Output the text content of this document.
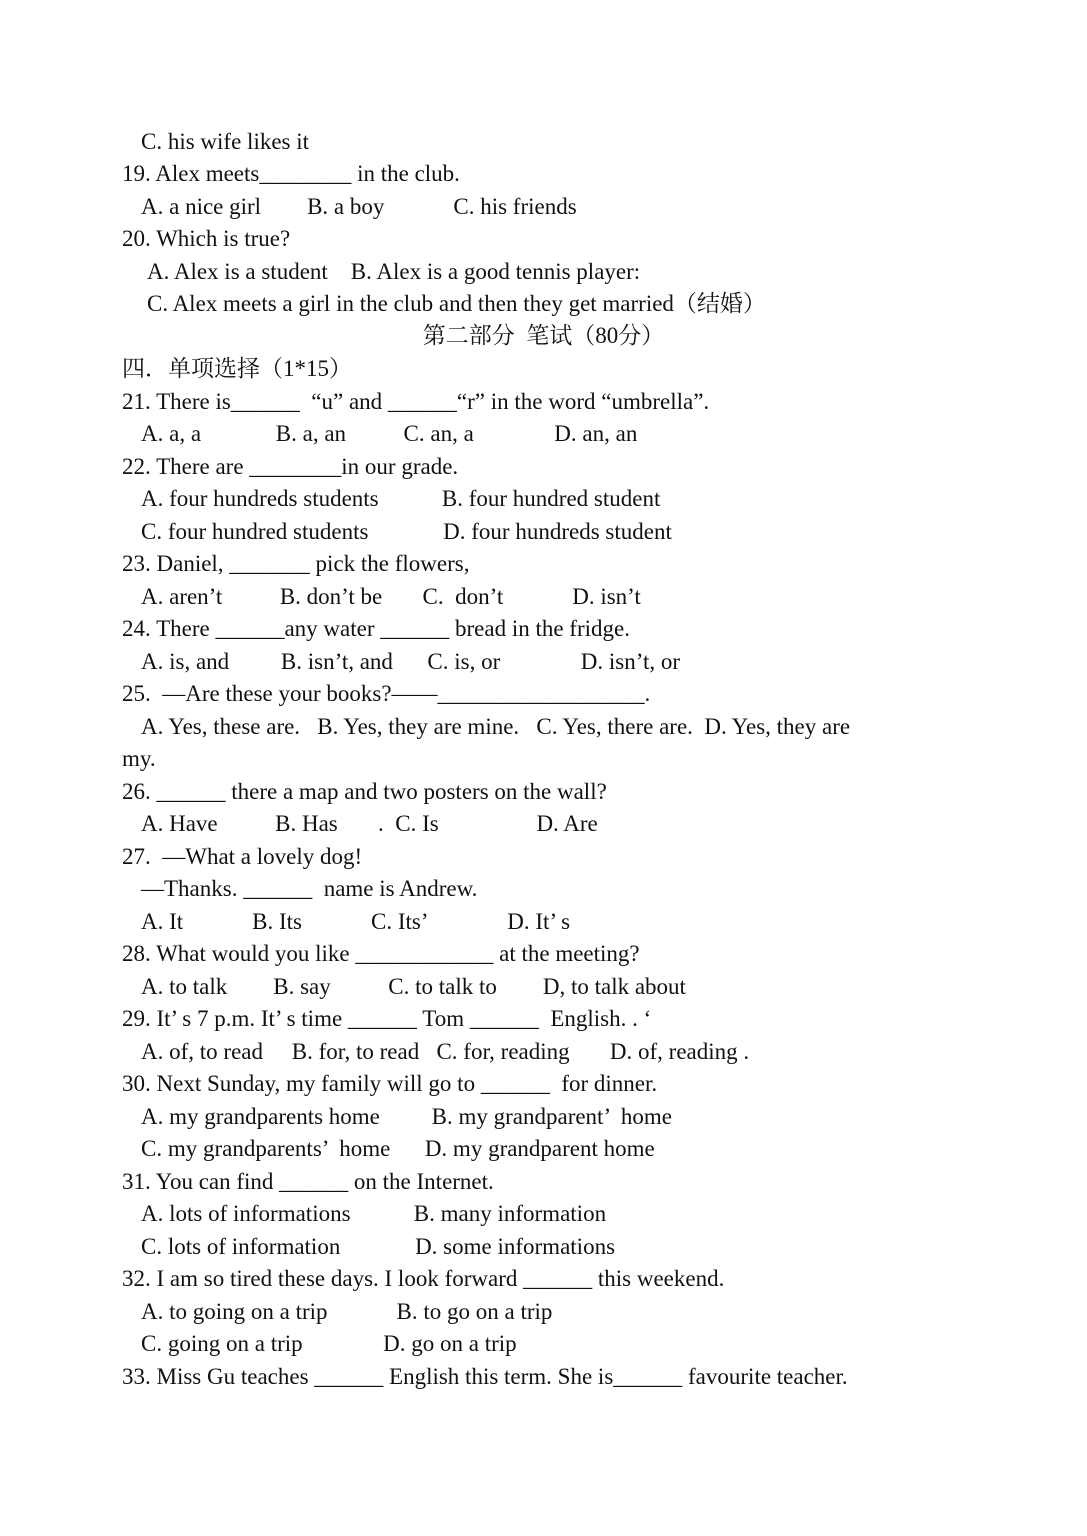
C. his wife likes it
19. Alex meets________ in the club.
A. a nice girl        B. a boy            C. his friends
20. Which is true?
A. Alex is a student    B. Alex is a good tennis player:
C. Alex meets a girl in the club and then they get married（结婚）
第二部分  笔试（80分）
四．单项选择（1*15）
21. There is______  “u” and ______“r” in the word “umbrella”.
A. a, a             B. a, an          C. an, a              D. an, an
22. There are ________in our grade.
A. four hundreds students           B. four hundred student
C. four hundred students             D. four hundreds student
23. Daniel, _______ pick the flowers,
A. aren’t          B. don’t be       C.  don’t            D. isn’t
24. There ______any water ______ bread in the fridge.
A. is, and         B. isn’t, and      C. is, or              D. isn’t, or
25.  —Are these your books?——__________________.
A. Yes, these are.   B. Yes, they are mine.   C. Yes, there are.  D. Yes, they are
my.
26. ______ there a map and two posters on the wall?
A. Have          B. Has       .  C. Is                 D. Are
27.  —What a lovely dog!
—Thanks. ______  name is Andrew.
A. It            B. Its            C. Its’              D. It’ s
28. What would you like ____________ at the meeting?
A. to talk        B. say          C. to talk to        D, to talk about
29. It’ s 7 p.m. It’ s time ______ Tom ______  English. . ‘
A. of, to read     B. for, to read   C. for, reading       D. of, reading .
30. Next Sunday, my family will go to ______  for dinner.
A. my grandparents home         B. my grandparent’  home
C. my grandparents’  home      D. my grandparent home
31. You can find ______ on the Internet.
A. lots of informations           B. many information
C. lots of information             D. some informations
32. I am so tired these days. I look forward ______ this weekend.
A. to going on a trip            B. to go on a trip
C. going on a trip              D. go on a trip
33. Miss Gu teaches ______ English this term. She is______ favourite teacher.
